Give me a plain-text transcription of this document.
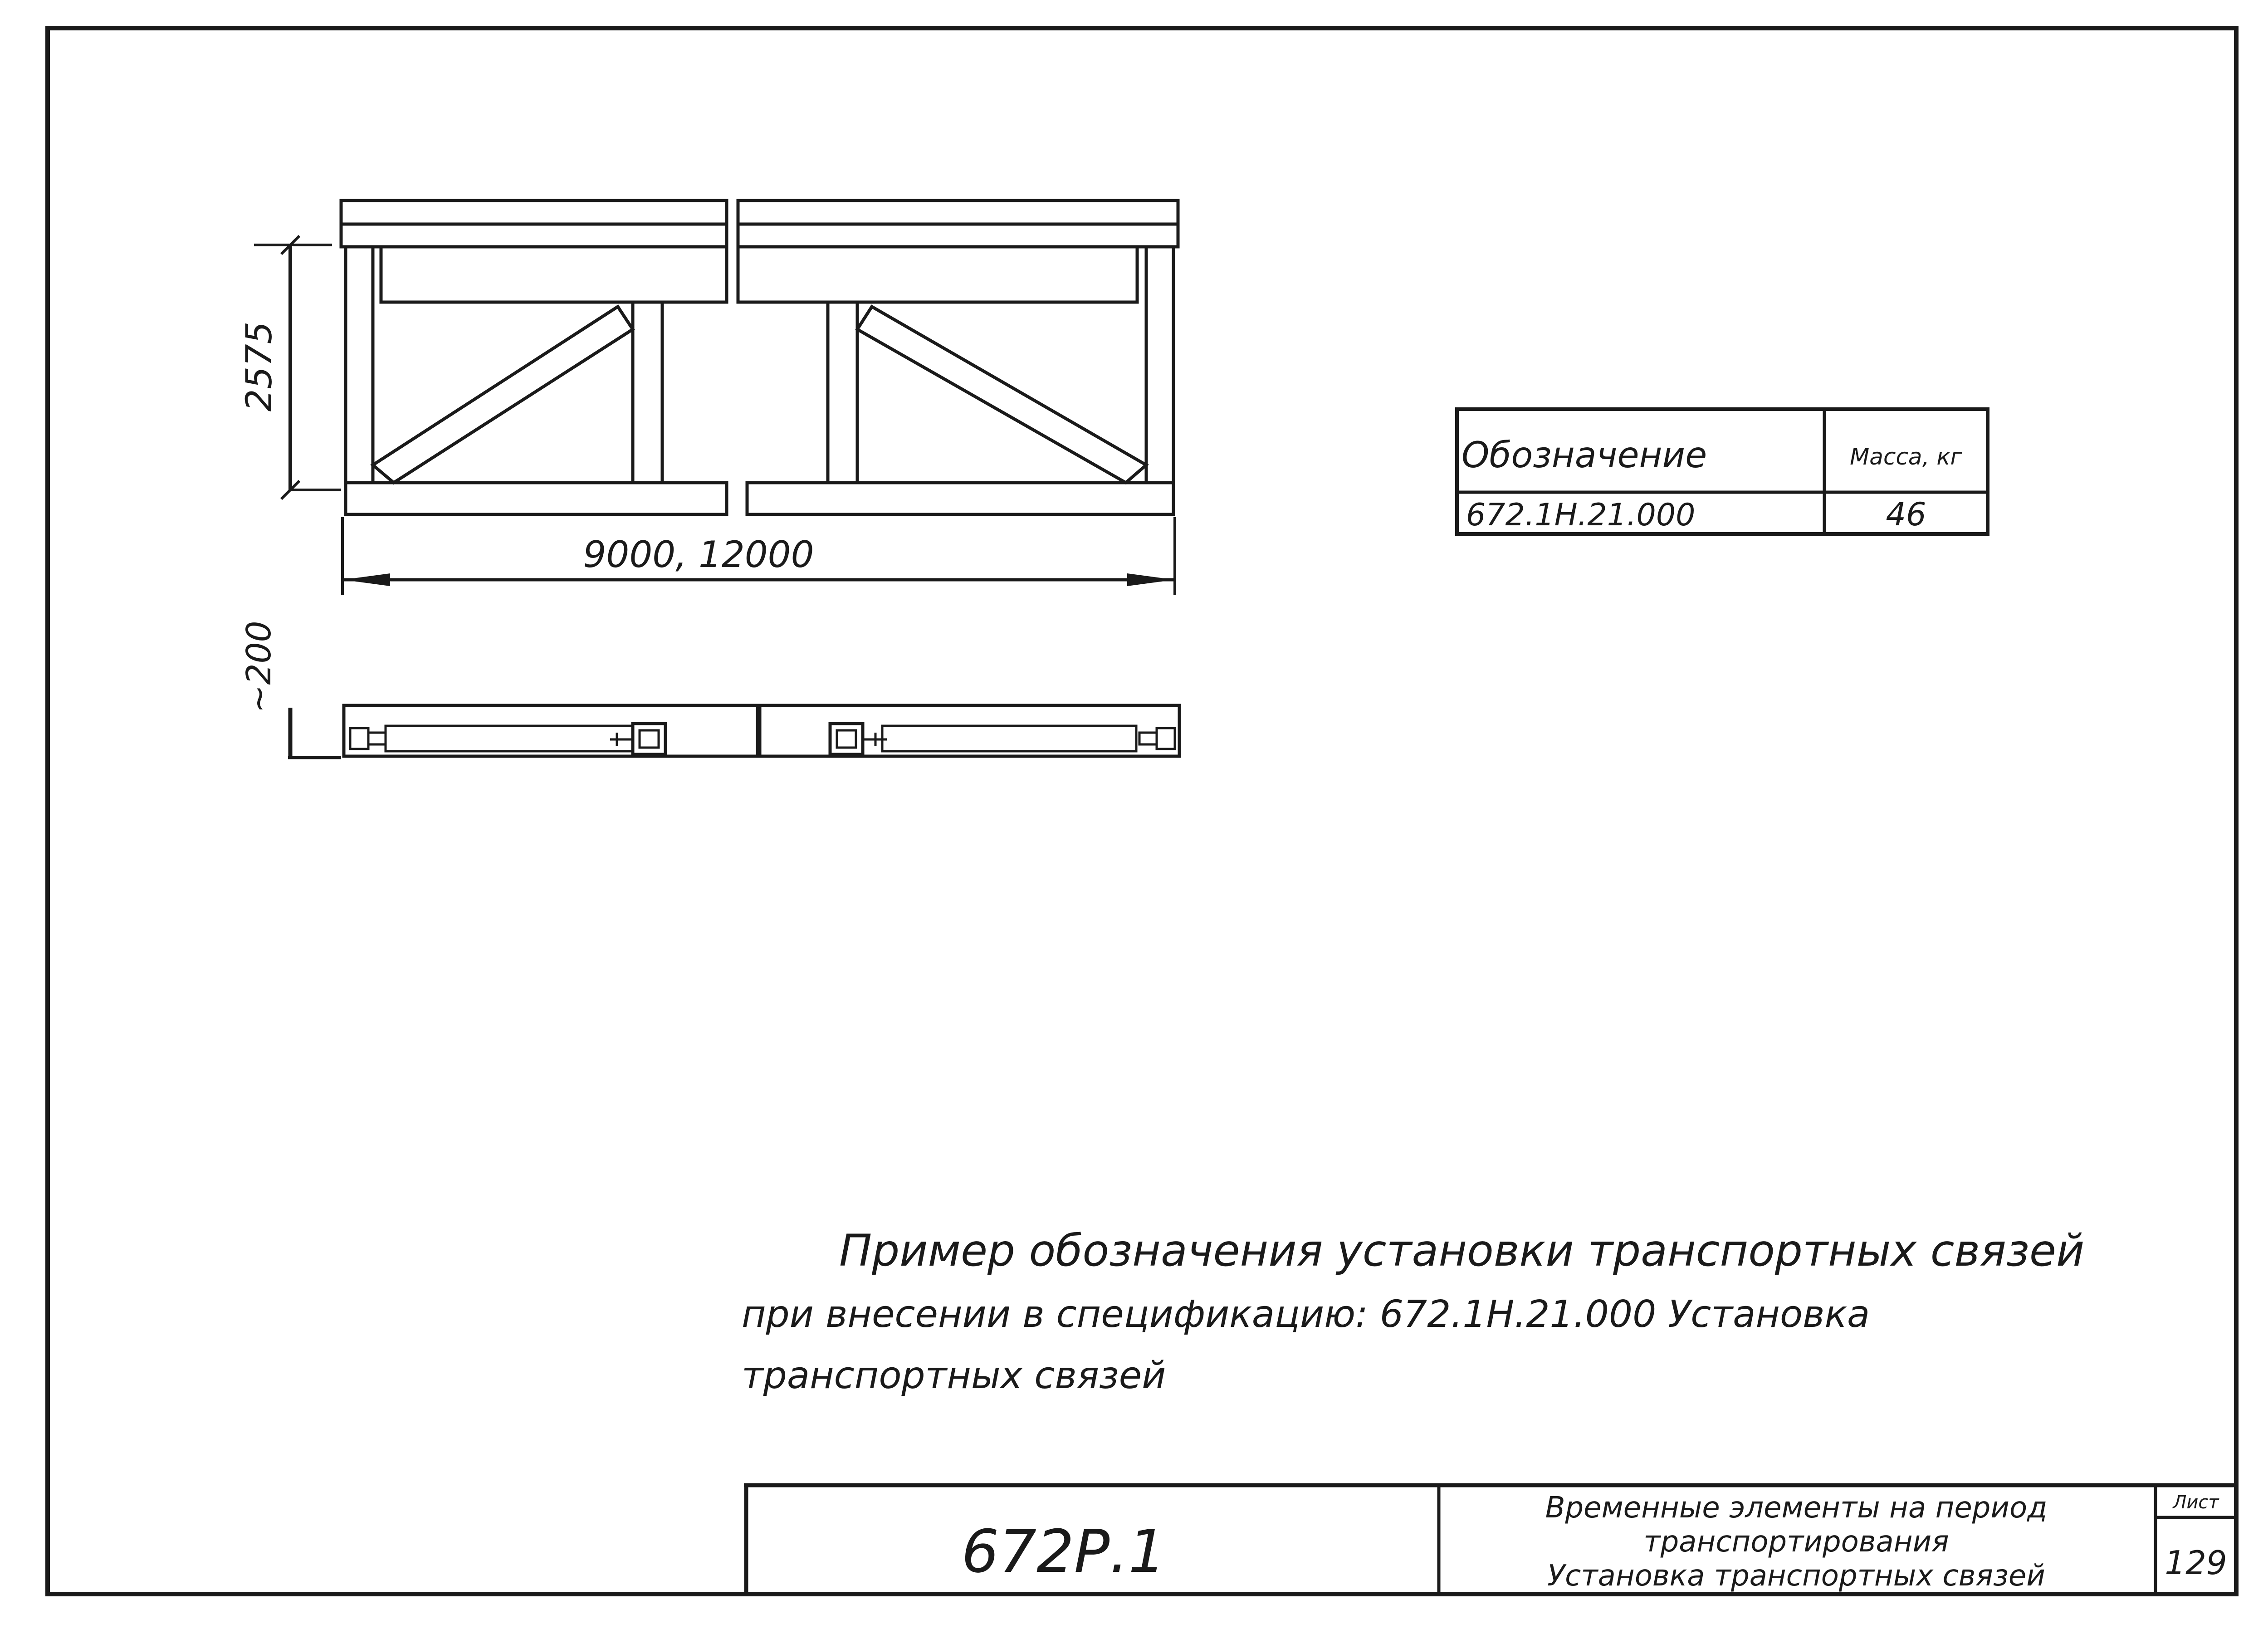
2575
9000, 12000
~200
Обозначение	Масса, кг
672.1Н.21.000	46
Пример обозначения установки транспортных связей
при внесении в спецификацию: 672.1Н.21.000 Установка
транспортных связей
672Р.1
Временные элементы на период
транспортирования
Установка транспортных связей
Лист
129
